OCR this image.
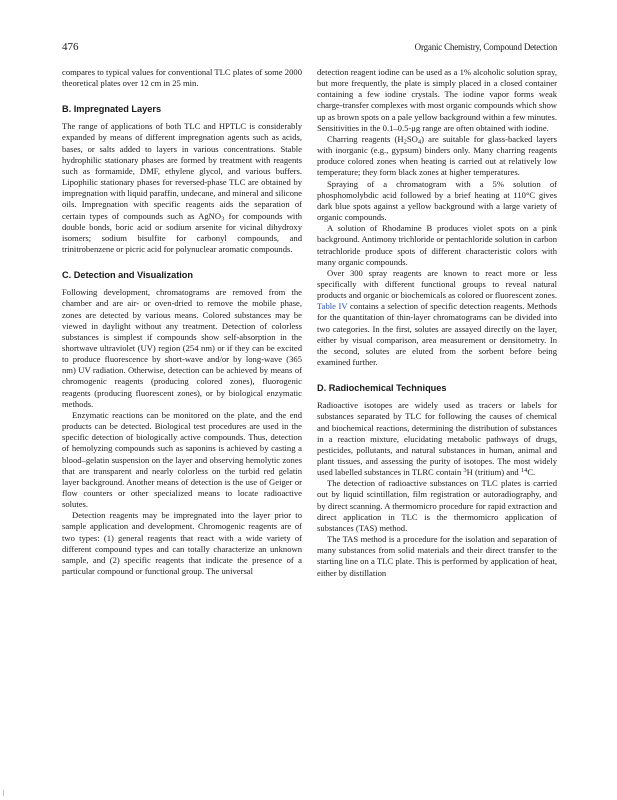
476	Organic Chemistry, Compound Detection

compares to typical values for conventional TLC plates of some 2000 theoretical plates over 12 cm in 25 min.

B. Impregnated Layers

The range of applications of both TLC and HPTLC is considerably expanded by means of different impregnation agents such as acids, bases, or salts added to layers in various concentrations. Stable hydrophilic stationary phases are formed by treatment with reagents such as formamide, DMF, ethylene glycol, and various buffers. Lipophilic stationary phases for reversed-phase TLC are obtained by impregnation with liquid paraffin, undecane, and mineral and silicone oils. Impregnation with specific reagents aids the separation of certain types of compounds such as AgNO$_3$ for compounds with double bonds, boric acid or sodium arsenite for vicinal dihydroxy isomers; sodium bisulfite for carbonyl compounds, and trinitrobenzene or picric acid for polynuclear aromatic compounds.

C. Detection and Visualization

Following development, chromatograms are removed from the chamber and are air- or oven-dried to remove the mobile phase, zones are detected by various means. Colored substances may be viewed in daylight without any treatment. Detection of colorless substances is simplest if compounds show self-absorption in the shortwave ultraviolet (UV) region (254 nm) or if they can be excited to produce fluorescence by short-wave and/or by long-wave (365 nm) UV radiation. Otherwise, detection can be achieved by means of chromogenic reagents (producing colored zones), fluorogenic reagents (producing fluorescent zones), or by biological enzymatic methods.

Enzymatic reactions can be monitored on the plate, and the end products can be detected. Biological test procedures are used in the specific detection of biologically active compounds. Thus, detection of hemolyzing compounds such as saponins is achieved by casting a blood–gelatin suspension on the layer and observing hemolytic zones that are transparent and nearly colorless on the turbid red gelatin layer background. Another means of detection is the use of Geiger or flow counters or other specialized means to locate radioactive solutes.

Detection reagents may be impregnated into the layer prior to sample application and development. Chromogenic reagents are of two types: (1) general reagents that react with a wide variety of different compound types and can totally characterize an unknown sample, and (2) specific reagents that indicate the presence of a particular compound or functional group. The universal

detection reagent iodine can be used as a 1% alcoholic solution spray, but more frequently, the plate is simply placed in a closed container containing a few iodine crystals. The iodine vapor forms weak charge-transfer complexes with most organic compounds which show up as brown spots on a pale yellow background within a few minutes. Sensitivities in the 0.1–0.5-μg range are often obtained with iodine.

Charring reagents $(H_2SO_4)$ are suitable for glass-backed layers with inorganic (e.g., gypsum) binders only. Many charring reagents produce colored zones when heating is carried out at relatively low temperature; they form black zones at higher temperatures.

Spraying of a chromatogram with a 5% solution of phosphomolybdic acid followed by a brief heating at 110°C gives dark blue spots against a yellow background with a large variety of organic compounds.

A solution of Rhodamine B produces violet spots on a pink background. Antimony trichloride or pentachloride solution in carbon tetrachloride produce spots of different characteristic colors with many organic compounds.

Over 300 spray reagents are known to react more or less specifically with different functional groups to reveal natural products and organic or biochemicals as colored or fluorescent zones. Table IV contains a selection of specific detection reagents. Methods for the quantitation of thin-layer chromatograms can be divided into two categories. In the first, solutes are assayed directly on the layer, either by visual comparison, area measurement or densitometry. In the second, solutes are eluted from the sorbent before being examined further.

D. Radiochemical Techniques

Radioactive isotopes are widely used as tracers or labels for substances separated by TLC for following the causes of chemical and biochemical reactions, determining the distribution of substances in a reaction mixture, elucidating metabolic pathways of drugs, pesticides, pollutants, and natural substances in human, animal and plant tissues, and assessing the purity of isotopes. The most widely used labelled substances in TLRC contain $^3$H (tritium) and $^{14}$C.

The detection of radioactive substances on TLC plates is carried out by liquid scintillation, film registration or autoradiography, and by direct scanning. A thermomicro procedure for rapid extraction and direct application in TLC is the thermomicro application of substances (TAS) method.

The TAS method is a procedure for the isolation and separation of many substances from solid materials and their direct transfer to the starting line on a TLC plate. This is performed by application of heat, either by distillation
